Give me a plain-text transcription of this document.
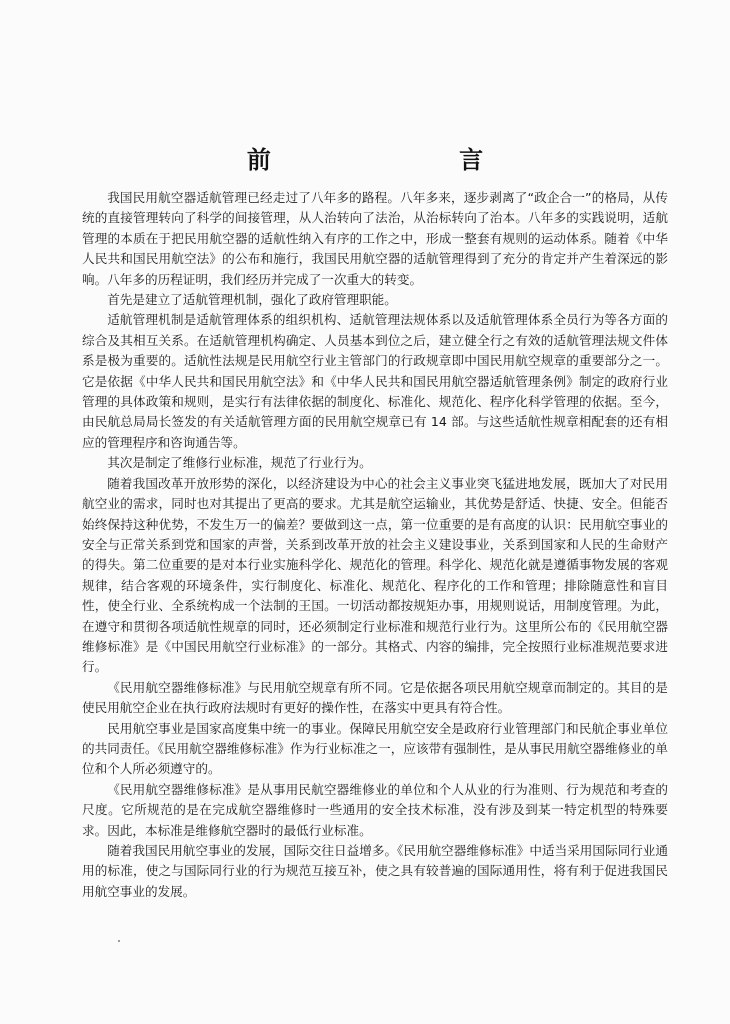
前 言

我国民用航空器适航管理已经走过了八年多的路程。八年多来，逐步剥离了“政企合一”的格局，从传统的直接管理转向了科学的间接管理，从人治转向了法治，从治标转向了治本。八年多的实践说明，适航管理的本质在于把民用航空器的适航性纳入有序的工作之中，形成一整套有规则的运动体系。随着《中华人民共和国民用航空法》的公布和施行，我国民用航空器的适航管理得到了充分的肯定并产生着深远的影响。八年多的历程证明，我们经历并完成了一次重大的转变。

首先是建立了适航管理机制，强化了政府管理职能。

适航管理机制是适航管理体系的组织机构、适航管理法规体系以及适航管理体系全员行为等各方面的综合及其相互关系。在适航管理机构确定、人员基本到位之后，建立健全行之有效的适航管理法规文件体系是极为重要的。适航性法规是民用航空行业主管部门的行政规章即中国民用航空规章的重要部分之一。它是依据《中华人民共和国民用航空法》和《中华人民共和国民用航空器适航管理条例》制定的政府行业管理的具体政策和规则，是实行有法律依据的制度化、标准化、规范化、程序化科学管理的依据。至今，由民航总局局长签发的有关适航管理方面的民用航空规章已有 14 部。与这些适航性规章相配套的还有相应的管理程序和咨询通告等。

其次是制定了维修行业标准，规范了行业行为。

随着我国改革开放形势的深化，以经济建设为中心的社会主义事业突飞猛进地发展，既加大了对民用航空业的需求，同时也对其提出了更高的要求。尤其是航空运输业，其优势是舒适、快捷、安全。但能否始终保持这种优势，不发生万一的偏差？要做到这一点，第一位重要的是有高度的认识：民用航空事业的安全与正常关系到党和国家的声誉，关系到改革开放的社会主义建设事业，关系到国家和人民的生命财产的得失。第二位重要的是对本行业实施科学化、规范化的管理。科学化、规范化就是遵循事物发展的客观规律，结合客观的环境条件，实行制度化、标准化、规范化、程序化的工作和管理；排除随意性和盲目性，使全行业、全系统构成一个法制的王国。一切活动都按规矩办事，用规则说话，用制度管理。为此，在遵守和贯彻各项适航性规章的同时，还必须制定行业标准和规范行业行为。这里所公布的《民用航空器维修标准》是《中国民用航空行业标准》的一部分。其格式、内容的编排，完全按照行业标准规范要求进行。

《民用航空器维修标准》与民用航空规章有所不同。它是依据各项民用航空规章而制定的。其目的是使民用航空企业在执行政府法规时有更好的操作性，在落实中更具有符合性。

民用航空事业是国家高度集中统一的事业。保障民用航空安全是政府行业管理部门和民航企事业单位的共同责任。《民用航空器维修标准》作为行业标准之一，应该带有强制性，是从事民用航空器维修业的单位和个人所必须遵守的。

《民用航空器维修标准》是从事用民航空器维修业的单位和个人从业的行为准则、行为规范和考查的尺度。它所规范的是在完成航空器维修时一些通用的安全技术标准，没有涉及到某一特定机型的特殊要求。因此，本标准是维修航空器时的最低行业标准。

随着我国民用航空事业的发展，国际交往日益增多。《民用航空器维修标准》中适当采用国际同行业通用的标准，使之与国际同行业的行为规范互接互补，使之具有较普遍的国际通用性，将有利于促进我国民用航空事业的发展。
